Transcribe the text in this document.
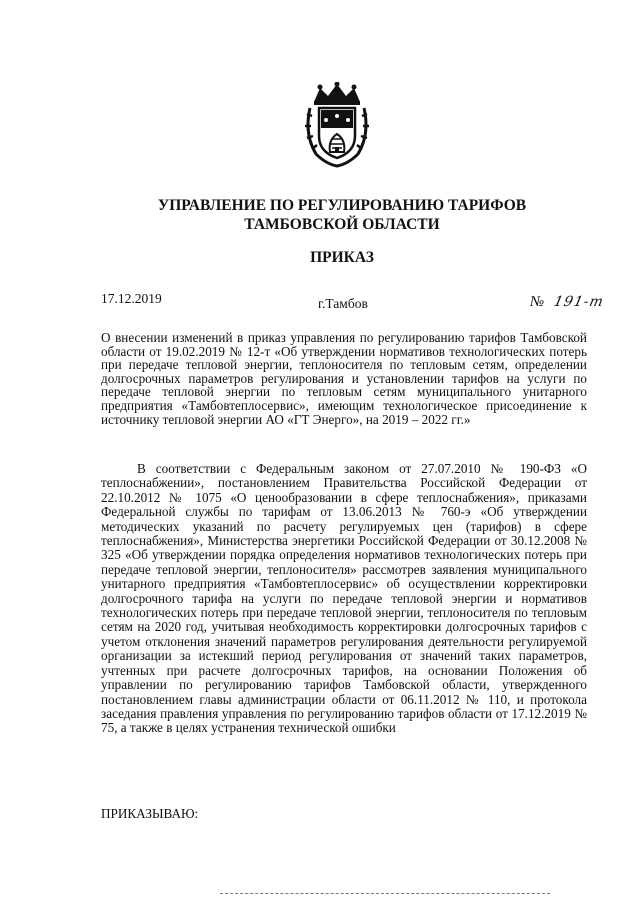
УПРАВЛЕНИЕ ПО РЕГУЛИРОВАНИЮ ТАРИФОВ
ТАМБОВСКОЙ ОБЛАСТИ
ПРИКАЗ
17.12.2019	г.Тамбов	№ 191-т

О внесении изменений в приказ управления по регулированию тарифов Тамбовской области от 19.02.2019 № 12-т «Об утверждении нормативов технологических потерь при передаче тепловой энергии, теплоносителя по тепловым сетям, определении долгосрочных параметров регулирования и установлении тарифов на услуги по передаче тепловой энергии по тепловым сетям муниципального унитарного предприятия «Тамбовтеплосервис», имеющим технологическое присоединение к источнику тепловой энергии АО «ГТ Энерго», на 2019 – 2022 гг.»

В соответствии с Федеральным законом от 27.07.2010 № 190-ФЗ «О теплоснабжении», постановлением Правительства Российской Федерации от 22.10.2012 № 1075 «О ценообразовании в сфере теплоснабжения», приказами Федеральной службы по тарифам от 13.06.2013 № 760-э «Об утверждении методических указаний по расчету регулируемых цен (тарифов) в сфере теплоснабжения», Министерства энергетики Российской Федерации от 30.12.2008 № 325 «Об утверждении порядка определения нормативов технологических потерь при передаче тепловой энергии, теплоносителя» рассмотрев заявления муниципального унитарного предприятия «Тамбовтеплосервис» об осуществлении корректировки долгосрочного тарифа на услуги по передаче тепловой энергии и нормативов технологических потерь при передаче тепловой энергии, теплоносителя по тепловым сетям на 2020 год, учитывая необходимость корректировки долгосрочных тарифов с учетом отклонения значений параметров регулирования деятельности регулируемой организации за истекший период регулирования от значений таких параметров, учтенных при расчете долгосрочных тарифов, на основании Положения об управлении по регулированию тарифов Тамбовской области, утвержденного постановлением главы администрации области от 06.11.2012 № 110, и протокола заседания правления управления по регулированию тарифов области от 17.12.2019 № 75, а также в целях устранения технической ошибки

ПРИКАЗЫВАЮ:
